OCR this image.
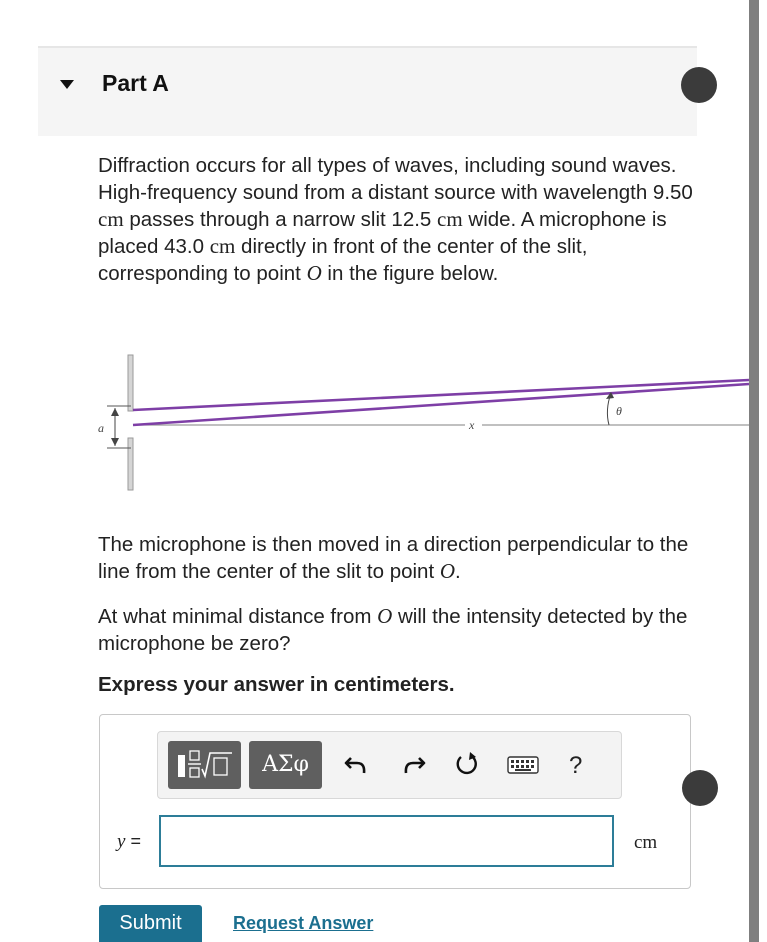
Part A

Diffraction occurs for all types of waves, including sound waves. High-frequency sound from a distant source with wavelength 9.50 cm passes through a narrow slit 12.5 cm wide. A microphone is placed 43.0 cm directly in front of the center of the slit, corresponding to point O in the figure below.

a	x
θ

The microphone is then moved in a direction perpendicular to the line from the center of the slit to point O.

At what minimal distance from O will the intensity detected by the microphone be zero?

Express your answer in centimeters.
ΑΣφ	?
y =	cm
Submit	Request Answer
